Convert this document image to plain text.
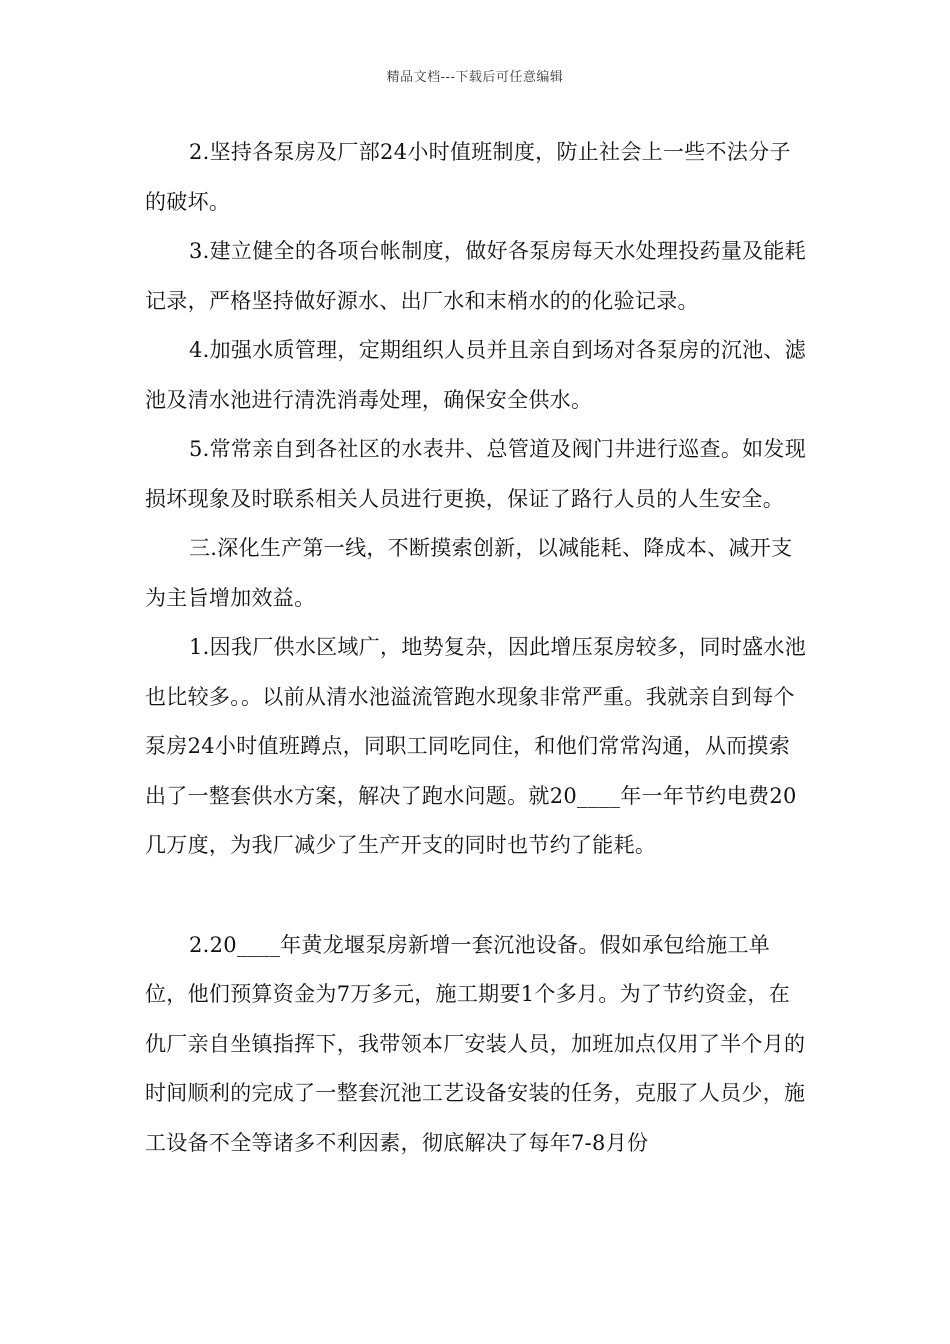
精品文档---下载后可任意编辑

2.坚持各泵房及厂部24小时值班制度，防止社会上一些不法分子的破坏。

3.建立健全的各项台帐制度，做好各泵房每天水处理投药量及能耗记录，严格坚持做好源水、出厂水和末梢水的的化验记录。

4.加强水质管理，定期组织人员并且亲自到场对各泵房的沉池、滤池及清水池进行清洗消毒处理，确保安全供水。

5.常常亲自到各社区的水表井、总管道及阀门井进行巡查。如发现损坏现象及时联系相关人员进行更换，保证了路行人员的人生安全。

三.深化生产第一线，不断摸索创新，以减能耗、降成本、减开支为主旨增加效益。

1.因我厂供水区域广，地势复杂，因此增压泵房较多，同时盛水池也比较多。。以前从清水池溢流管跑水现象非常严重。我就亲自到每个泵房24小时值班蹲点，同职工同吃同住，和他们常常沟通，从而摸索出了一整套供水方案，解决了跑水问题。就20____年一年节约电费20几万度，为我厂减少了生产开支的同时也节约了能耗。

2.20____年黄龙堰泵房新增一套沉池设备。假如承包给施工单位，他们预算资金为7万多元，施工期要1个多月。为了节约资金，在仇厂亲自坐镇指挥下，我带领本厂安装人员，加班加点仅用了半个月的时间顺利的完成了一整套沉池工艺设备安装的任务，克服了人员少，施工设备不全等诸多不利因素，彻底解决了每年7-8月份
